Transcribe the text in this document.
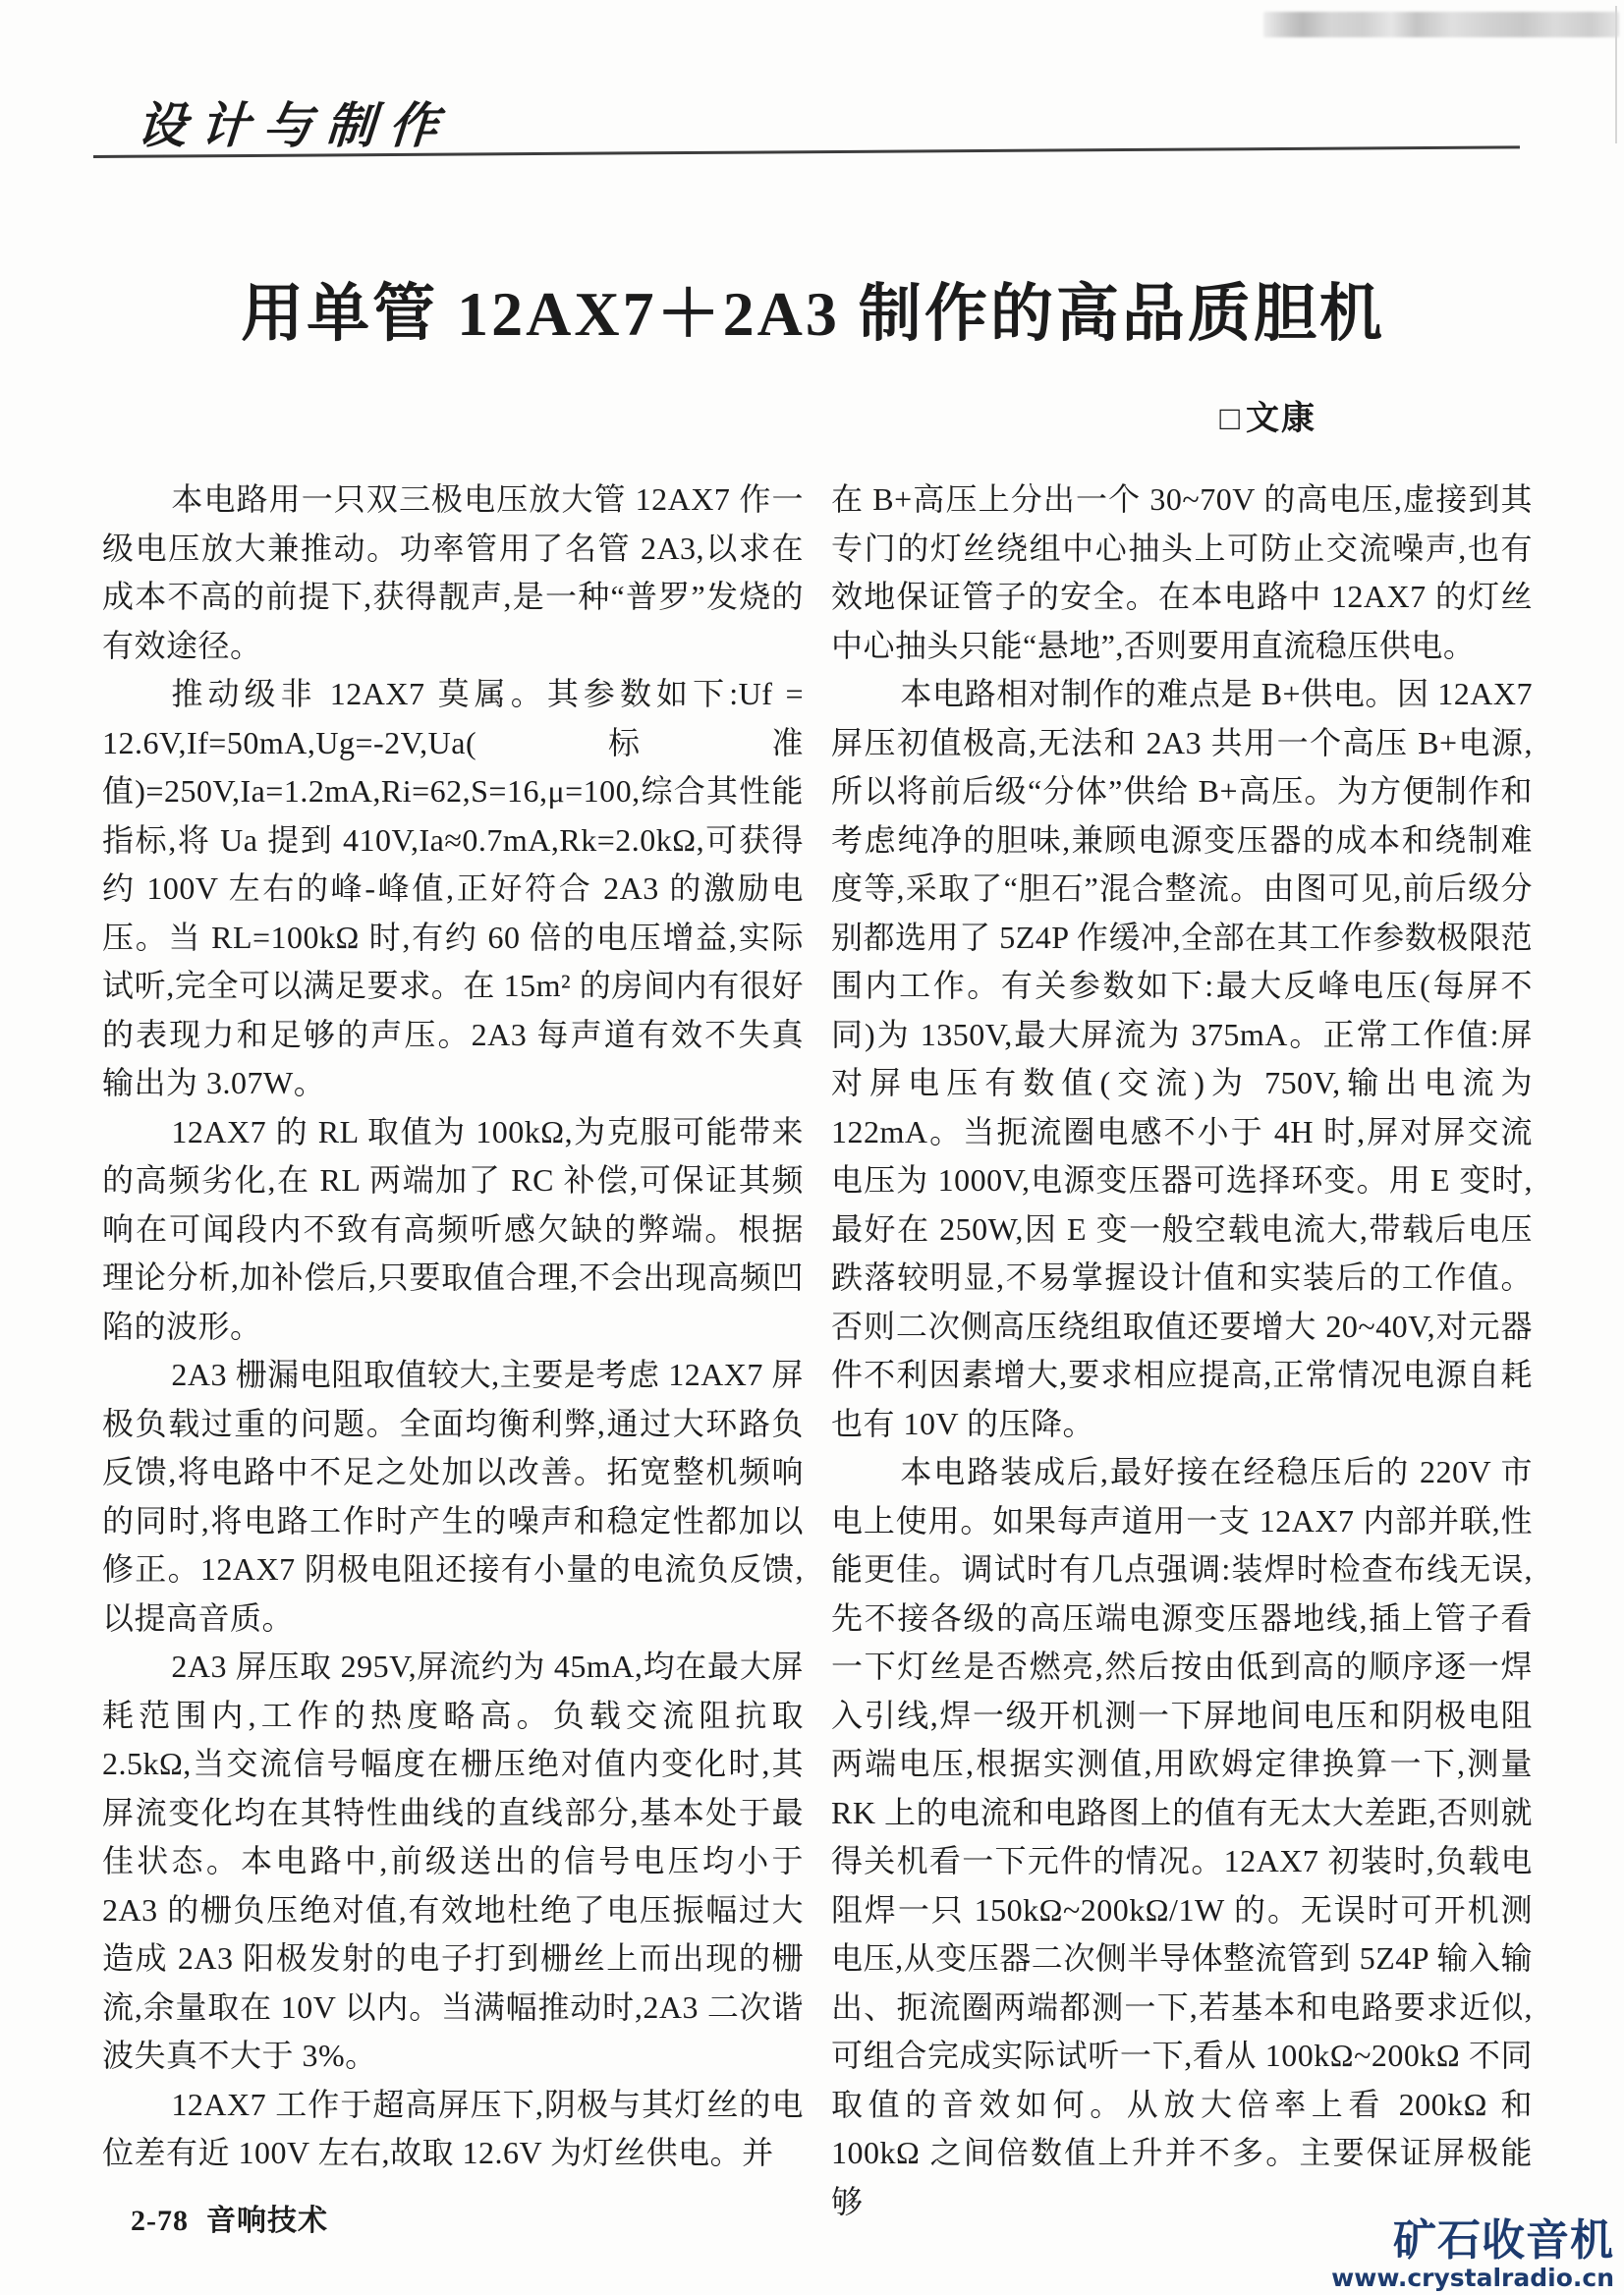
设计与制作
用单管 12AX7＋2A3 制作的高品质胆机
□ 文康

本电路用一只双三极电压放大管 12AX7 作一级电压放大兼推动。功率管用了名管 2A3,以求在成本不高的前提下,获得靓声,是一种“普罗”发烧的有效途径。

推动级非 12AX7 莫属。其参数如下:Uf = 12.6V,If=50mA,Ug=-2V,Ua(标准值)=250V,Ia=1.2mA,Ri=62,S=16,μ=100,综合其性能指标,将 Ua 提到 410V,Ia≈0.7mA,Rk=2.0kΩ,可获得约 100V 左右的峰-峰值,正好符合 2A3 的激励电压。当 RL=100kΩ 时,有约 60 倍的电压增益,实际试听,完全可以满足要求。在 15m² 的房间内有很好的表现力和足够的声压。2A3 每声道有效不失真输出为 3.07W。

12AX7 的 RL 取值为 100kΩ,为克服可能带来的高频劣化,在 RL 两端加了 RC 补偿,可保证其频响在可闻段内不致有高频听感欠缺的弊端。根据理论分析,加补偿后,只要取值合理,不会出现高频凹陷的波形。

2A3 栅漏电阻取值较大,主要是考虑 12AX7 屏极负载过重的问题。全面均衡利弊,通过大环路负反馈,将电路中不足之处加以改善。拓宽整机频响的同时,将电路工作时产生的噪声和稳定性都加以修正。12AX7 阴极电阻还接有小量的电流负反馈,以提高音质。

2A3 屏压取 295V,屏流约为 45mA,均在最大屏耗范围内,工作的热度略高。负载交流阻抗取 2.5kΩ,当交流信号幅度在栅压绝对值内变化时,其屏流变化均在其特性曲线的直线部分,基本处于最佳状态。本电路中,前级送出的信号电压均小于 2A3 的栅负压绝对值,有效地杜绝了电压振幅过大造成 2A3 阳极发射的电子打到栅丝上而出现的栅流,余量取在 10V 以内。当满幅推动时,2A3 二次谐波失真不大于 3%。

12AX7 工作于超高屏压下,阴极与其灯丝的电位差有近 100V 左右,故取 12.6V 为灯丝供电。并

在 B+高压上分出一个 30~70V 的高电压,虚接到其专门的灯丝绕组中心抽头上可防止交流噪声,也有效地保证管子的安全。在本电路中 12AX7 的灯丝中心抽头只能“悬地”,否则要用直流稳压供电。

本电路相对制作的难点是 B+供电。因 12AX7 屏压初值极高,无法和 2A3 共用一个高压 B+电源,所以将前后级“分体”供给 B+高压。为方便制作和考虑纯净的胆味,兼顾电源变压器的成本和绕制难度等,采取了“胆石”混合整流。由图可见,前后级分别都选用了 5Z4P 作缓冲,全部在其工作参数极限范围内工作。有关参数如下:最大反峰电压(每屏不同)为 1350V,最大屏流为 375mA。正常工作值:屏对屏电压有数值(交流)为 750V,输出电流为 122mA。当扼流圈电感不小于 4H 时,屏对屏交流电压为 1000V,电源变压器可选择环变。用 E 变时,最好在 250W,因 E 变一般空载电流大,带载后电压跌落较明显,不易掌握设计值和实装后的工作值。否则二次侧高压绕组取值还要增大 20~40V,对元器件不利因素增大,要求相应提高,正常情况电源自耗也有 10V 的压降。

本电路装成后,最好接在经稳压后的 220V 市电上使用。如果每声道用一支 12AX7 内部并联,性能更佳。调试时有几点强调:装焊时检查布线无误,先不接各级的高压端电源变压器地线,插上管子看一下灯丝是否燃亮,然后按由低到高的顺序逐一焊入引线,焊一级开机测一下屏地间电压和阴极电阻两端电压,根据实测值,用欧姆定律换算一下,测量 RK 上的电流和电路图上的值有无太大差距,否则就得关机看一下元件的情况。12AX7 初装时,负载电阻焊一只 150kΩ~200kΩ/1W 的。无误时可开机测电压,从变压器二次侧半导体整流管到 5Z4P 输入输出、扼流圈两端都测一下,若基本和电路要求近似,可组合完成实际试听一下,看从 100kΩ~200kΩ 不同取值的音效如何。从放大倍率上看 200kΩ 和 100kΩ 之间倍数值上升并不多。主要保证屏极能够

2-78 音响技术	矿石收音机
www.crystalradio.cn
